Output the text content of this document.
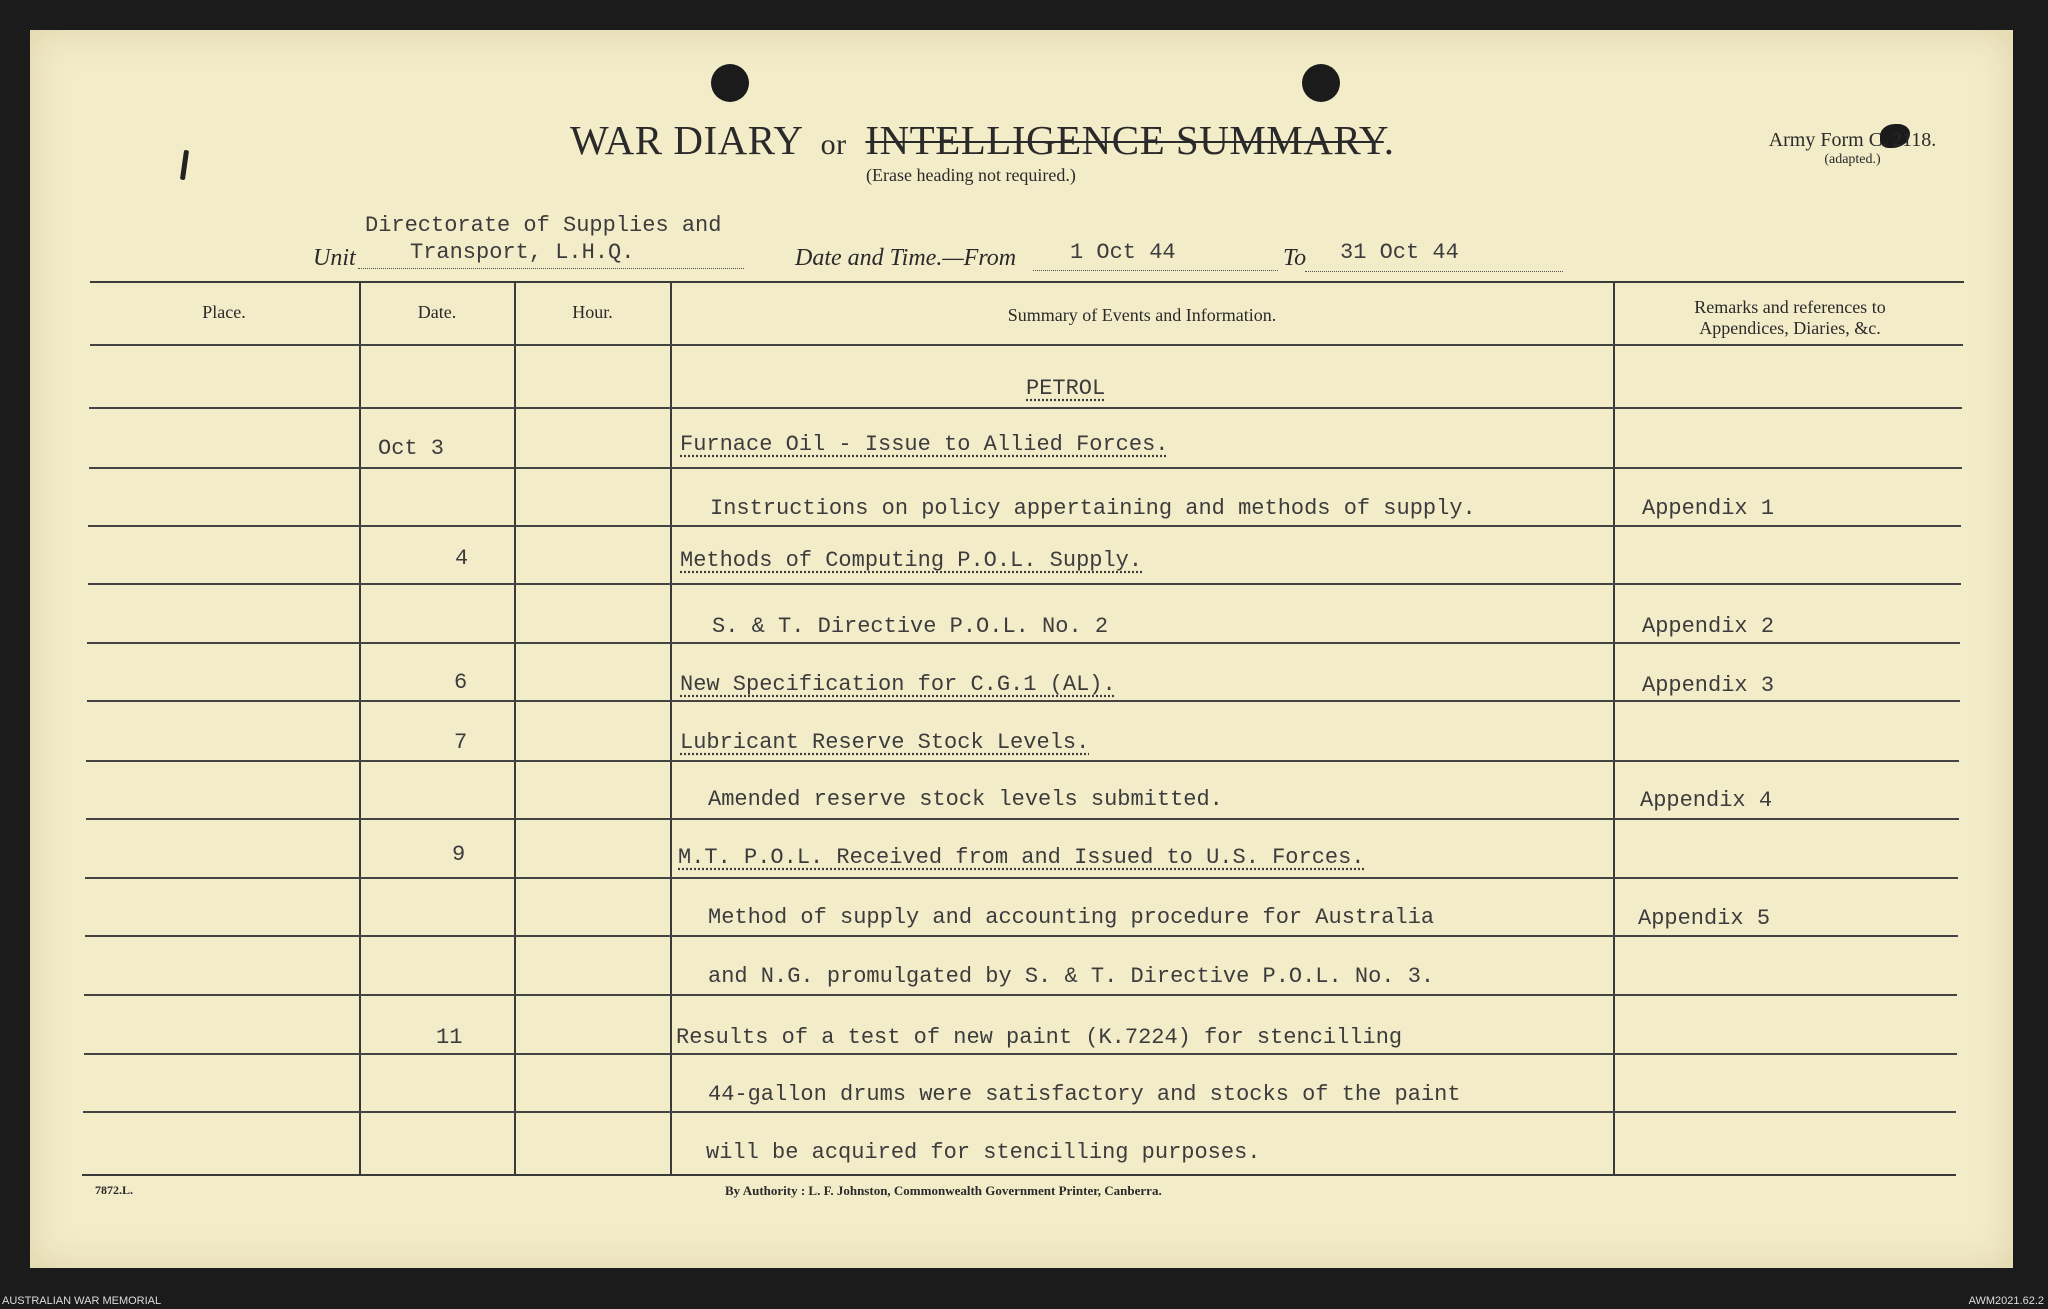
WAR DIARY or INTELLIGENCE SUMMARY.
(Erase heading not required.)
Army Form C. 2118.
(adapted.)
Directorate of Supplies and
Unit Transport, L.H.Q.	Date and Time.—From 1 Oct 44	To 31 Oct 44
Place.	Date.	Hour.	Summary of Events and Information.	Remarks and references to
Appendices, Diaries, &c.
PETROL
Oct 3	Furnace Oil - Issue to Allied Forces.
Instructions on policy appertaining and methods of supply.	Appendix 1
4	Methods of Computing P.O.L. Supply.
S. & T. Directive P.O.L. No. 2	Appendix 2
6	New Specification for C.G.1 (AL).	Appendix 3
7	Lubricant Reserve Stock Levels.
Amended reserve stock levels submitted.	Appendix 4
9	M.T. P.O.L. Received from and Issued to U.S. Forces.
Method of supply and accounting procedure for Australia	Appendix 5
and N.G. promulgated by S. & T. Directive P.O.L. No. 3.
11	Results of a test of new paint (K.7224) for stencilling
44-gallon drums were satisfactory and stocks of the paint
will be acquired for stencilling purposes.
7872.L.	By Authority : L. F. Johnston, Commonwealth Government Printer, Canberra.
AUSTRALIAN WAR MEMORIAL	AWM2021.62.2
